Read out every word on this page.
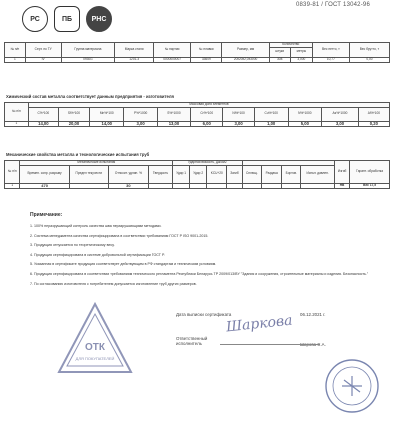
РС	ПБ	РНС
0839-81 / ГОСТ 13042-96
№ п/п	Серт. по ТУ	Группа материала	Марка стали	№ партии	№ плавки	Размер, мм	Количество		Вес нетто, т	Вес брутто, т
							штуки	метры		
1	IV	0930G	1201.3	0000000007	33609	20x20x2,0x3000	308	3,000	10,77	0,00
Химический состав металла соответствует данным предприятия - изготовителя
№ п/п	Массовая доля элементов										
	C%*100	Si%*100	Mn%*100	P%*1000	S%*1000	Cr%*100	Ni%*100	Cu%*100	N%*1000	As%*1000	Al%*100
1	14,00	20,00	14,00	3,00	13,00	6,00	3,00	1,00	5,00	3,00	0,20
Механические свойства металла и технологические испытания труб
№ п/п	Механические испытания				Ударная вязкость, Дж/см2								Изгиб	Гарант. обработка
	Времен. сопр. разрыву	Предел текучести	Относит. удлин. %	Твердость	Удар 1	Удар 2	KCU+20	Загиб	Сплющ.	Раздача	Бортов.	Испыт. давлен.		
1	470		30										НВ	Вес 17,5
Примечание:
1. 100% неразрушающий контроль качества шва неразрушающими методами.
2. Система менеджмента качества сертифицирована в соответствии требованиям ГОСТ Р ISO 9001-2015.
3. Продукция отпускается по теоретическому весу.
4. Продукция сертифицирована в системе добровольной сертификации ГОСТ Р.
5. Указанная в сертификате продукция соответствует действующим в РФ стандартам и техническим условиям.
6. Продукция сертифицирована в соответствии требованиям технического регламента Республики Беларусь ТР 2009/013/BY "Здания и сооружения, строительные материалы и изделия. Безопасность."
7. По согласованию изготовителя с потребителем допускается изготовление труб других размеров.
Дата выписки сертификата	06.12.2021 г.
Ответственный исполнитель	Шарова С.А.
Шаркова
ОТК
ДЛЯ ПОКУПАТЕЛЕЙ
